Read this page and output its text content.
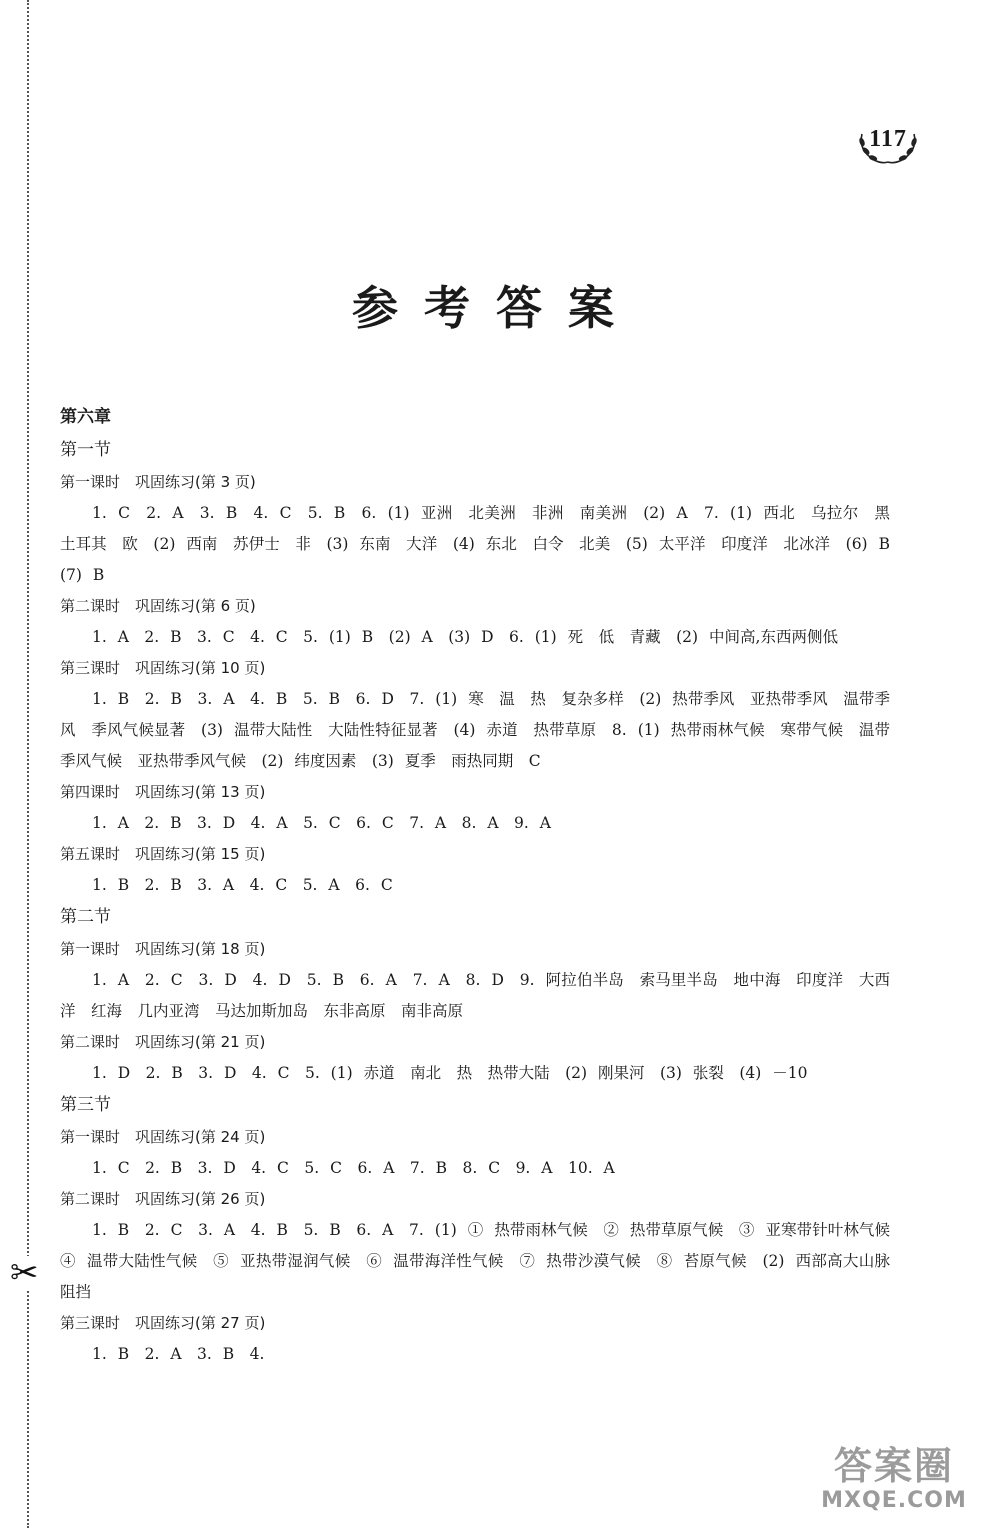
✂
117
参考答案
第六章
第一节
第一课时　巩固练习(第 3 页)
1. C　2. A　3. B　4. C　5. B　6. (1) 亚洲　北美洲　非洲　南美洲　(2) A　7. (1) 西北　乌拉尔　黑　土耳其　欧　(2) 西南　苏伊士　非　(3) 东南　大洋　(4) 东北　白令　北美　(5) 太平洋　印度洋　北冰洋　(6) B　(7) B
第二课时　巩固练习(第 6 页)
1. A　2. B　3. C　4. C　5. (1) B　(2) A　(3) D　6. (1) 死　低　青藏　(2) 中间高,东西两侧低
第三课时　巩固练习(第 10 页)
1. B　2. B　3. A　4. B　5. B　6. D　7. (1) 寒　温　热　复杂多样　(2) 热带季风　亚热带季风　温带季风　季风气候显著　(3) 温带大陆性　大陆性特征显著　(4) 赤道　热带草原　8. (1) 热带雨林气候　寒带气候　温带季风气候　亚热带季风气候　(2) 纬度因素　(3) 夏季　雨热同期　C
第四课时　巩固练习(第 13 页)
1. A　2. B　3. D　4. A　5. C　6. C　7. A　8. A　9. A
第五课时　巩固练习(第 15 页)
1. B　2. B　3. A　4. C　5. A　6. C
第二节
第一课时　巩固练习(第 18 页)
1. A　2. C　3. D　4. D　5. B　6. A　7. A　8. D　9. 阿拉伯半岛　索马里半岛　地中海　印度洋　大西洋　红海　几内亚湾　马达加斯加岛　东非高原　南非高原
第二课时　巩固练习(第 21 页)
1. D　2. B　3. D　4. C　5. (1) 赤道　南北　热　热带大陆　(2) 刚果河　(3) 张裂　(4) －10
第三节
第一课时　巩固练习(第 24 页)
1. C　2. B　3. D　4. C　5. C　6. A　7. B　8. C　9. A　10. A
第二课时　巩固练习(第 26 页)
1. B　2. C　3. A　4. B　5. B　6. A　7. (1) ① 热带雨林气候　② 热带草原气候　③ 亚寒带针叶林气候　④ 温带大陆性气候　⑤ 亚热带湿润气候　⑥ 温带海洋性气候　⑦ 热带沙漠气候　⑧ 苔原气候　(2) 西部高大山脉阻挡
第三课时　巩固练习(第 27 页)
1. B　2. A　3. B　4.
答案圈
MXQE.COM
